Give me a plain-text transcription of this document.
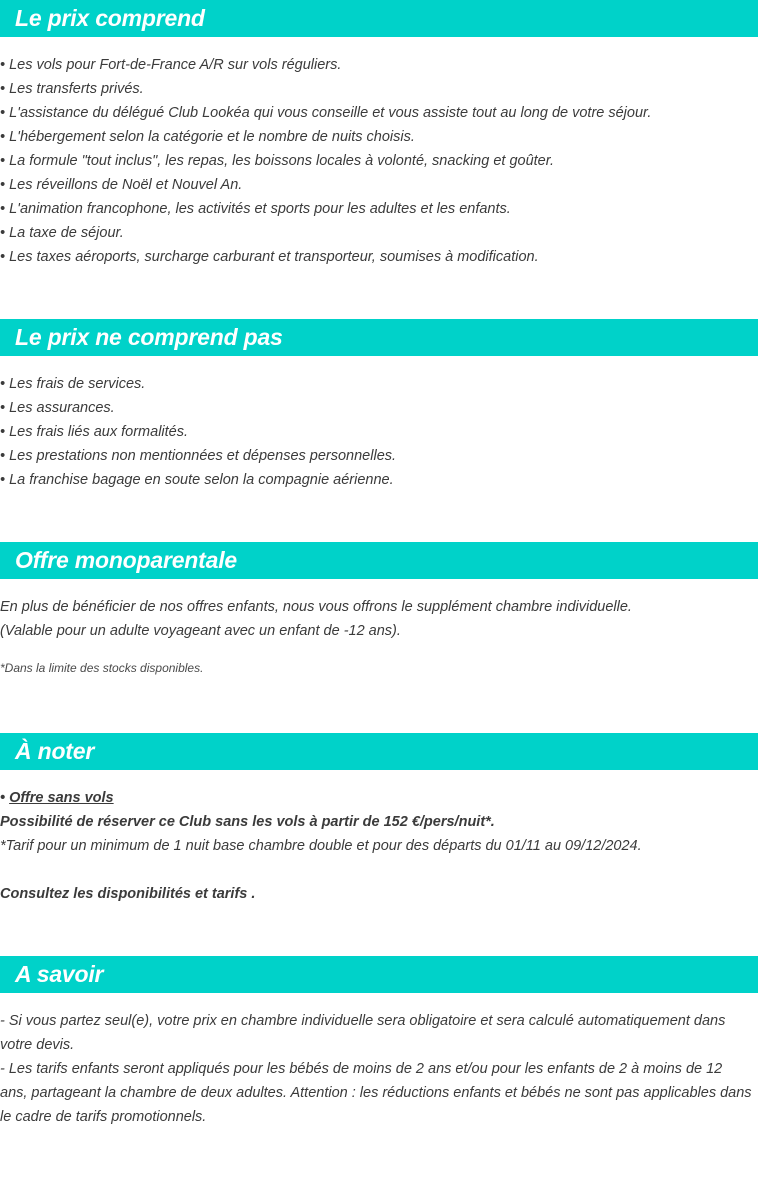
Le prix comprend
• Les vols pour Fort-de-France A/R sur vols réguliers.
• Les transferts privés.
• L'assistance du délégué Club Lookéa qui vous conseille et vous assiste tout au long de votre séjour.
• L'hébergement selon la catégorie et le nombre de nuits choisis.
• La formule "tout inclus", les repas, les boissons locales à volonté, snacking et goûter.
• Les réveillons de Noël et Nouvel An.
• L'animation francophone, les activités et sports pour les adultes et les enfants.
• La taxe de séjour.
• Les taxes aéroports, surcharge carburant et transporteur, soumises à modification.
Le prix ne comprend pas
• Les frais de services.
• Les assurances.
• Les frais liés aux formalités.
• Les prestations non mentionnées et dépenses personnelles.
• La franchise bagage en soute selon la compagnie aérienne.
Offre monoparentale

En plus de bénéficier de nos offres enfants, nous vous offrons le supplément chambre individuelle.

(Valable pour un adulte voyageant avec un enfant de -12 ans).

*Dans la limite des stocks disponibles.

À noter

• Offre sans vols

Possibilité de réserver ce Club sans les vols à partir de 152 €/pers/nuit*.

*Tarif pour un minimum de 1 nuit base chambre double et pour des départs du 01/11 au 09/12/2024.

Consultez les disponibilités et tarifs .

A savoir

- Si vous partez seul(e), votre prix en chambre individuelle sera obligatoire et sera calculé automatiquement dans votre devis.

- Les tarifs enfants seront appliqués pour les bébés de moins de 2 ans et/ou pour les enfants de 2 à moins de 12 ans, partageant la chambre de deux adultes. Attention : les réductions enfants et bébés ne sont pas applicables dans le cadre de tarifs promotionnels.
